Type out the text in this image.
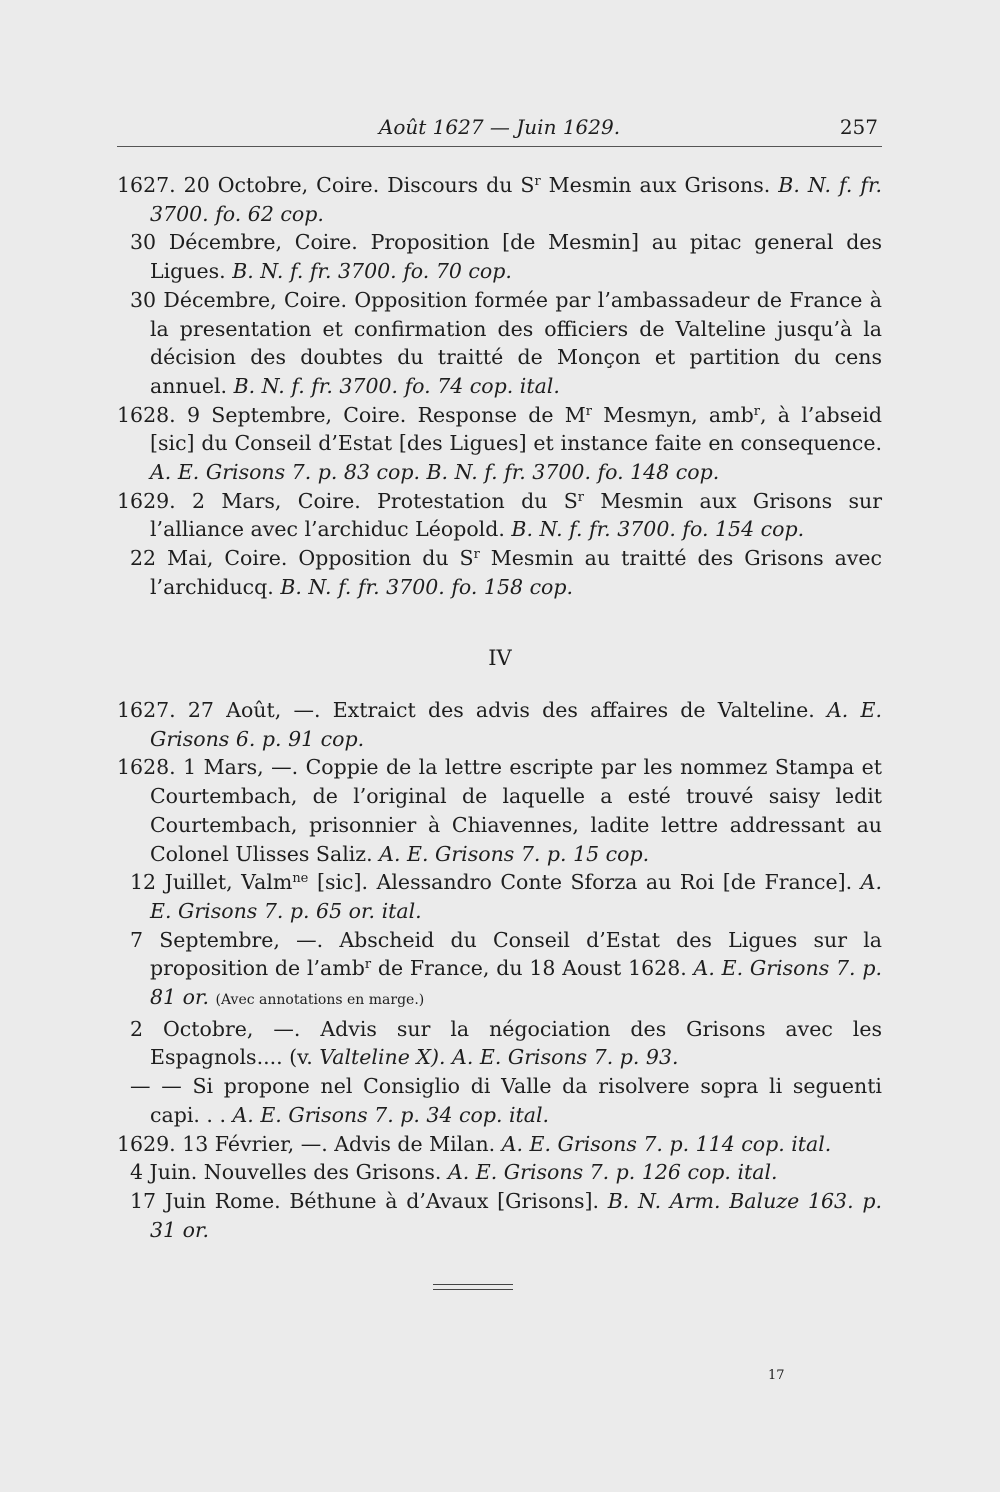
Août 1627 — Juin 1629.	257
1627. 20 Octobre, Coire. Discours du $S^r$ Mesmin aux Grisons. B. N. f. fr. 3700. fo. 62 cop.
30 Décembre, Coire. Proposition [de Mesmin] au pitac general des Ligues. B. N. f. fr. 3700. fo. 70 cop.
30 Décembre, Coire. Opposition formée par l’ambassadeur de France à la presentation et confirmation des officiers de Valteline jusqu’à la décision des doubtes du traitté de Monçon et partition du cens annuel. B. N. f. fr. 3700. fo. 74 cop. ital.
1628. 9 Septembre, Coire. Response de $M^r$ Mesmyn, amb$^r$, à l’abseid [sic] du Conseil d’Estat [des Ligues] et instance faite en consequence. A. E. Grisons 7. p. 83 cop. B. N. f. fr. 3700. fo. 148 cop.
1629. 2 Mars, Coire. Protestation du $S^r$ Mesmin aux Grisons sur l’alliance avec l’archiduc Léopold. B. N. f. fr. 3700. fo. 154 cop.
22 Mai, Coire. Opposition du $S^r$ Mesmin au traitté des Grisons avec l’archiducq. B. N. f. fr. 3700. fo. 158 cop.
IV
1627. 27 Août, —. Extraict des advis des affaires de Valteline. A. E. Grisons 6. p. 91 cop.
1628. 1 Mars, —. Coppie de la lettre escripte par les nommez Stampa et Courtembach, de l’original de laquelle a esté trouvé saisy ledit Courtembach, prisonnier à Chiavennes, ladite lettre addressant au Colonel Ulisses Saliz. A. E. Grisons 7. p. 15 cop.
12 Juillet, Valm$^{ne}$ [sic]. Alessandro Conte Sforza au Roi [de France]. A. E. Grisons 7. p. 65 or. ital.
7 Septembre, —. Abscheid du Conseil d’Estat des Ligues sur la proposition de l’amb$^r$ de France, du 18 Aoust 1628. A. E. Grisons 7. p. 81 or. (Avec annotations en marge.)
2 Octobre, —. Advis sur la négociation des Grisons avec les Espagnols.... (v. Valteline X). A. E. Grisons 7. p. 93.
— — Si propone nel Consiglio di Valle da risolvere sopra li seguenti capi. . . A. E. Grisons 7. p. 34 cop. ital.
1629. 13 Février, —. Advis de Milan. A. E. Grisons 7. p. 114 cop. ital.
4 Juin. Nouvelles des Grisons. A. E. Grisons 7. p. 126 cop. ital.
17 Juin Rome. Béthune à d’Avaux [Grisons]. B. N. Arm. Baluze 163. p. 31 or.
17
